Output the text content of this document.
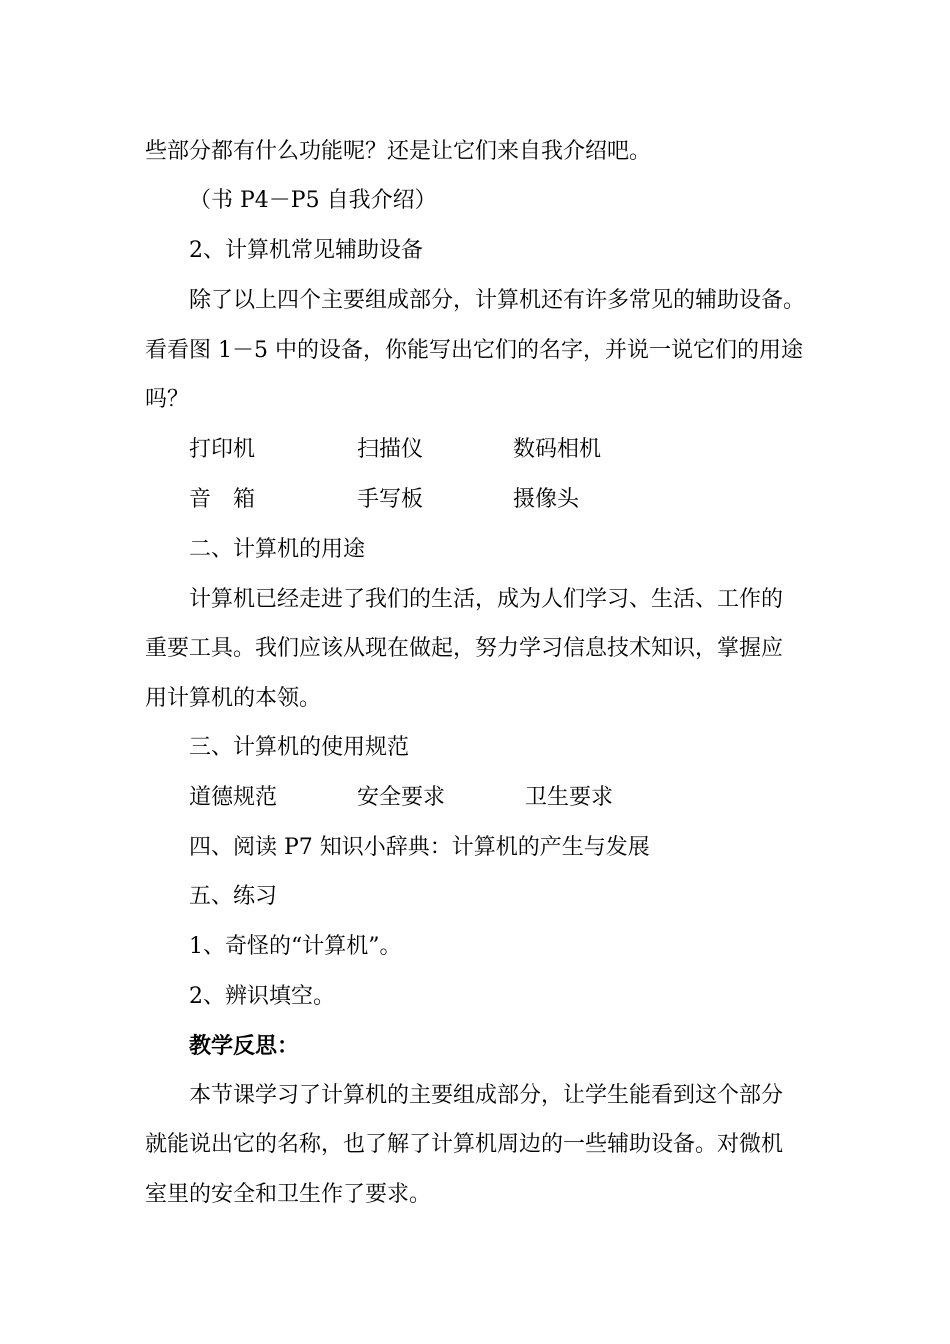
些部分都有什么功能呢？还是让它们来自我介绍吧。
（书 P4－P5 自我介绍）
2、计算机常见辅助设备
除了以上四个主要组成部分，计算机还有许多常见的辅助设备。
看看图 1－5 中的设备，你能写出它们的名字，并说一说它们的用途
吗？
打印机	扫描仪	数码相机
音　箱	手写板	摄像头
二、计算机的用途
计算机已经走进了我们的生活，成为人们学习、生活、工作的
重要工具。我们应该从现在做起，努力学习信息技术知识，掌握应
用计算机的本领。
三、计算机的使用规范
道德规范	安全要求	卫生要求
四、阅读 P7 知识小辞典：计算机的产生与发展
五、练习
1、奇怪的“计算机”。
2、辨识填空。
教学反思：
本节课学习了计算机的主要组成部分，让学生能看到这个部分
就能说出它的名称，也了解了计算机周边的一些辅助设备。对微机
室里的安全和卫生作了要求。
